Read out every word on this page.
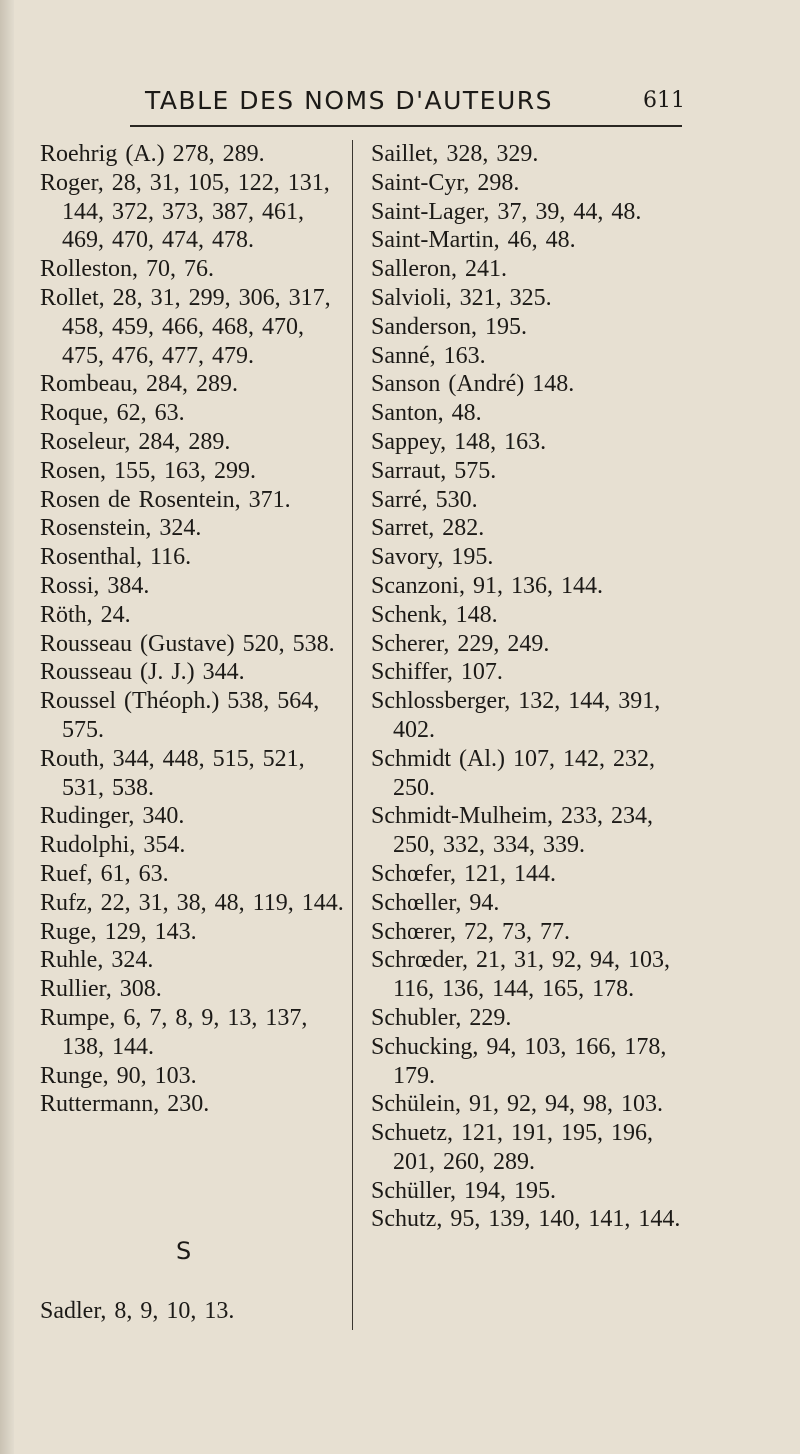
TABLE DES NOMS D'AUTEURS	611
Roehrig (A.) 278, 289.
Roger, 28, 31, 105, 122, 131, 144, 372, 373, 387, 461, 469, 470, 474, 478.
Rolleston, 70, 76.
Rollet, 28, 31, 299, 306, 317, 458, 459, 466, 468, 470, 475, 476, 477, 479.
Rombeau, 284, 289.
Roque, 62, 63.
Roseleur, 284, 289.
Rosen, 155, 163, 299.
Rosen de Rosentein, 371.
Rosenstein, 324.
Rosenthal, 116.
Rossi, 384.
Röth, 24.
Rousseau (Gustave) 520, 538.
Rousseau (J. J.) 344.
Roussel (Théoph.) 538, 564, 575.
Routh, 344, 448, 515, 521, 531, 538.
Rudinger, 340.
Rudolphi, 354.
Ruef, 61, 63.
Rufz, 22, 31, 38, 48, 119, 144.
Ruge, 129, 143.
Ruhle, 324.
Rullier, 308.
Rumpe, 6, 7, 8, 9, 13, 137, 138, 144.
Runge, 90, 103.
Ruttermann, 230.
S
Sadler, 8, 9, 10, 13.
Saillet, 328, 329.
Saint-Cyr, 298.
Saint-Lager, 37, 39, 44, 48.
Saint-Martin, 46, 48.
Salleron, 241.
Salvioli, 321, 325.
Sanderson, 195.
Sanné, 163.
Sanson (André) 148.
Santon, 48.
Sappey, 148, 163.
Sarraut, 575.
Sarré, 530.
Sarret, 282.
Savory, 195.
Scanzoni, 91, 136, 144.
Schenk, 148.
Scherer, 229, 249.
Schiffer, 107.
Schlossberger, 132, 144, 391, 402.
Schmidt (Al.) 107, 142, 232, 250.
Schmidt-Mulheim, 233, 234, 250, 332, 334, 339.
Schœfer, 121, 144.
Schœller, 94.
Schœrer, 72, 73, 77.
Schrœder, 21, 31, 92, 94, 103, 116, 136, 144, 165, 178.
Schubler, 229.
Schucking, 94, 103, 166, 178, 179.
Schülein, 91, 92, 94, 98, 103.
Schuetz, 121, 191, 195, 196, 201, 260, 289.
Schüller, 194, 195.
Schutz, 95, 139, 140, 141, 144.
